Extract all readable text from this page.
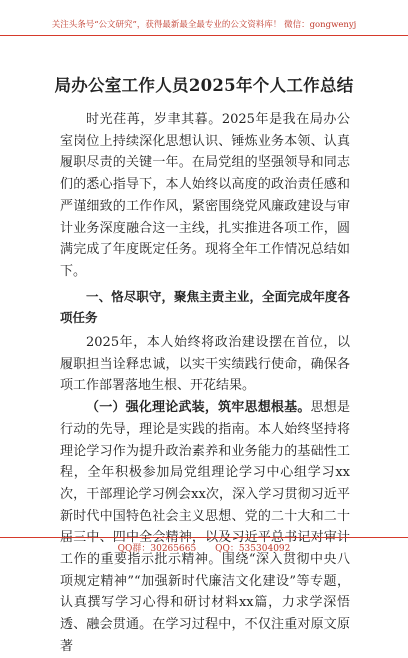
关注头条号“公文研究”，获得最新最全最专业的公文资料库！ 微信：gongwenyj
局办公室工作人员2025年个人工作总结

时光荏苒，岁聿其暮。2025年是我在局办公室岗位上持续深化思想认识、锤炼业务本领、认真履职尽责的关键一年。在局党组的坚强领导和同志们的悉心指导下，本人始终以高度的政治责任感和严谨细致的工作作风，紧密围绕党风廉政建设与审计业务深度融合这一主线，扎实推进各项工作，圆满完成了年度既定任务。现将全年工作情况总结如下。

一、恪尽职守，聚焦主责主业，全面完成年度各项任务

2025年，本人始终将政治建设摆在首位，以履职担当诠释忠诚，以实干实绩践行使命，确保各项工作部署落地生根、开花结果。

（一）强化理论武装，筑牢思想根基。思想是行动的先导，理论是实践的指南。本人始终坚持将理论学习作为提升政治素养和业务能力的基础性工程，全年积极参加局党组理论学习中心组学习xx次，干部理论学习例会xx次，深入学习贯彻习近平新时代中国特色社会主义思想、党的二十大和二十届三中、四中全会精神，以及习近平总书记对审计工作的重要指示批示精神。围绕“深入贯彻中央八项规定精神”“加强新时代廉洁文化建设”等专题，认真撰写学习心得和研讨材料xx篇，力求学深悟透、融会贯通。在学习过程中，不仅注重对原文原著

QQ群：30265665 QQ：535304092
